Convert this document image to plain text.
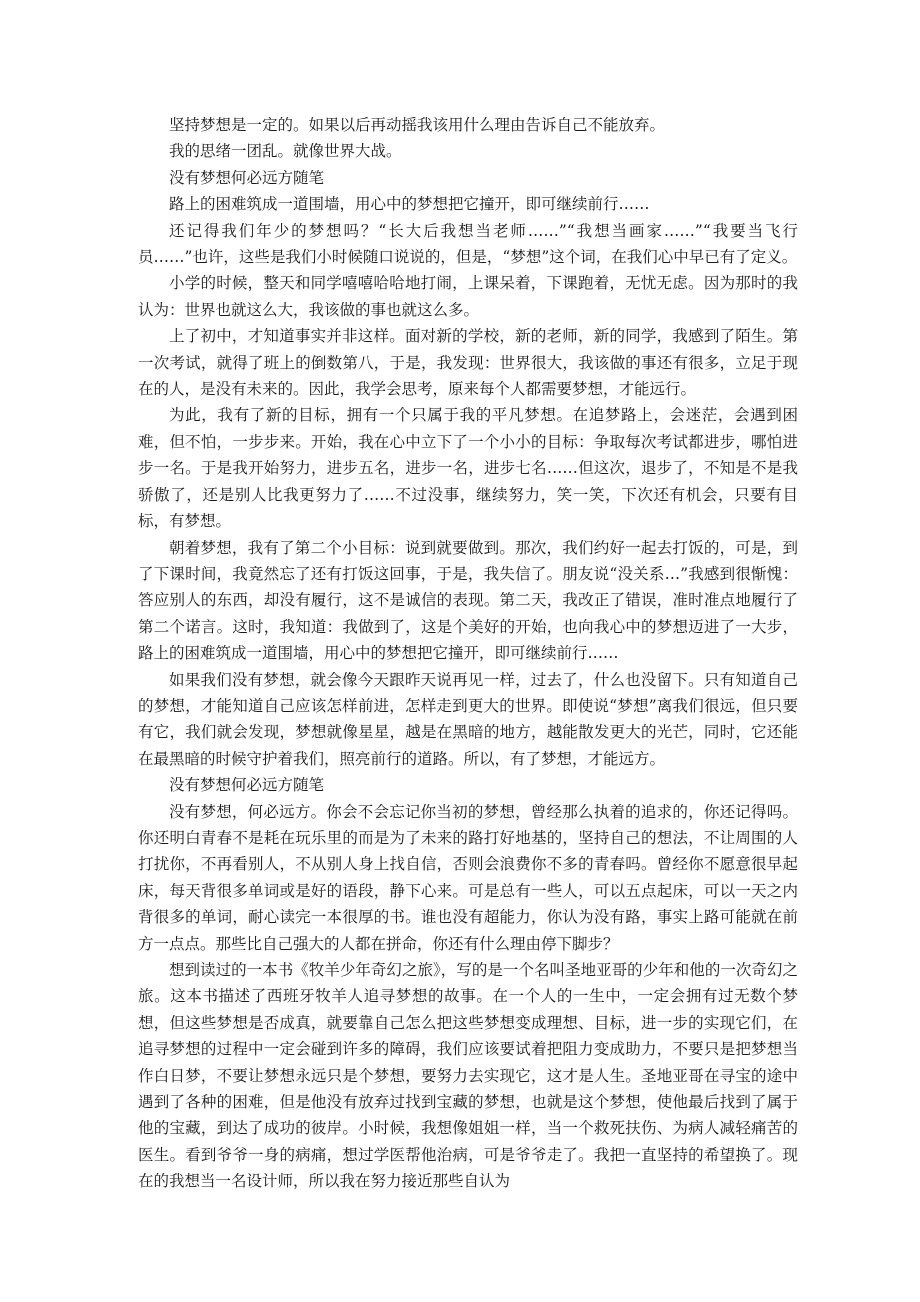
坚持梦想是一定的。如果以后再动摇我该用什么理由告诉自己不能放弃。

我的思绪一团乱。就像世界大战。

没有梦想何必远方随笔

路上的困难筑成一道围墙，用心中的梦想把它撞开，即可继续前行……

还记得我们年少的梦想吗？“长大后我想当老师……”“我想当画家……”“我要当飞行员……”也许，这些是我们小时候随口说说的，但是，“梦想”这个词，在我们心中早已有了定义。

小学的时候，整天和同学嘻嘻哈哈地打闹，上课呆着，下课跑着，无忧无虑。因为那时的我认为：世界也就这么大，我该做的事也就这么多。

上了初中，才知道事实并非这样。面对新的学校，新的老师，新的同学，我感到了陌生。第一次考试，就得了班上的倒数第八，于是，我发现：世界很大，我该做的事还有很多，立足于现在的人，是没有未来的。因此，我学会思考，原来每个人都需要梦想，才能远行。

为此，我有了新的目标，拥有一个只属于我的平凡梦想。在追梦路上，会迷茫，会遇到困难，但不怕，一步步来。开始，我在心中立下了一个小小的目标：争取每次考试都进步，哪怕进步一名。于是我开始努力，进步五名，进步一名，进步七名……但这次，退步了，不知是不是我骄傲了，还是别人比我更努力了……不过没事，继续努力，笑一笑，下次还有机会，只要有目标，有梦想。

朝着梦想，我有了第二个小目标：说到就要做到。那次，我们约好一起去打饭的，可是，到了下课时间，我竟然忘了还有打饭这回事，于是，我失信了。朋友说“没关系…”我感到很惭愧：答应别人的东西，却没有履行，这不是诚信的表现。第二天，我改正了错误，准时准点地履行了第二个诺言。这时，我知道：我做到了，这是个美好的开始，也向我心中的梦想迈进了一大步， 路上的困难筑成一道围墙，用心中的梦想把它撞开，即可继续前行……

如果我们没有梦想，就会像今天跟昨天说再见一样，过去了，什么也没留下。只有知道自己的梦想，才能知道自己应该怎样前进，怎样走到更大的世界。即使说“梦想”离我们很远，但只要有它，我们就会发现，梦想就像星星，越是在黑暗的地方，越能散发更大的光芒，同时，它还能在最黑暗的时候守护着我们，照亮前行的道路。所以，有了梦想，才能远方。

没有梦想何必远方随笔

没有梦想，何必远方。你会不会忘记你当初的梦想，曾经那么执着的追求的，你还记得吗。你还明白青春不是耗在玩乐里的而是为了未来的路打好地基的，坚持自己的想法，不让周围的人打扰你，不再看别人，不从别人身上找自信，否则会浪费你不多的青春吗。曾经你不愿意很早起床，每天背很多单词或是好的语段，静下心来。可是总有一些人，可以五点起床，可以一天之内背很多的单词，耐心读完一本很厚的书。谁也没有超能力，你认为没有路，事实上路可能就在前方一点点。那些比自己强大的人都在拼命，你还有什么理由停下脚步？

想到读过的一本书《牧羊少年奇幻之旅》，写的是一个名叫圣地亚哥的少年和他的一次奇幻之旅。这本书描述了西班牙牧羊人追寻梦想的故事。在一个人的一生中，一定会拥有过无数个梦想，但这些梦想是否成真，就要靠自己怎么把这些梦想变成理想、目标，进一步的实现它们，在追寻梦想的过程中一定会碰到许多的障碍，我们应该要试着把阻力变成助力，不要只是把梦想当作白日梦，不要让梦想永远只是个梦想，要努力去实现它，这才是人生。圣地亚哥在寻宝的途中遇到了各种的困难，但是他没有放弃过找到宝藏的梦想，也就是这个梦想，使他最后找到了属于他的宝藏，到达了成功的彼岸。小时候，我想像姐姐一样，当一个救死扶伤、为病人减轻痛苦的医生。看到爷爷一身的病痛，想过学医帮他治病，可是爷爷走了。我把一直坚持的希望换了。现在的我想当一名设计师，所以我在努力接近那些自认为
